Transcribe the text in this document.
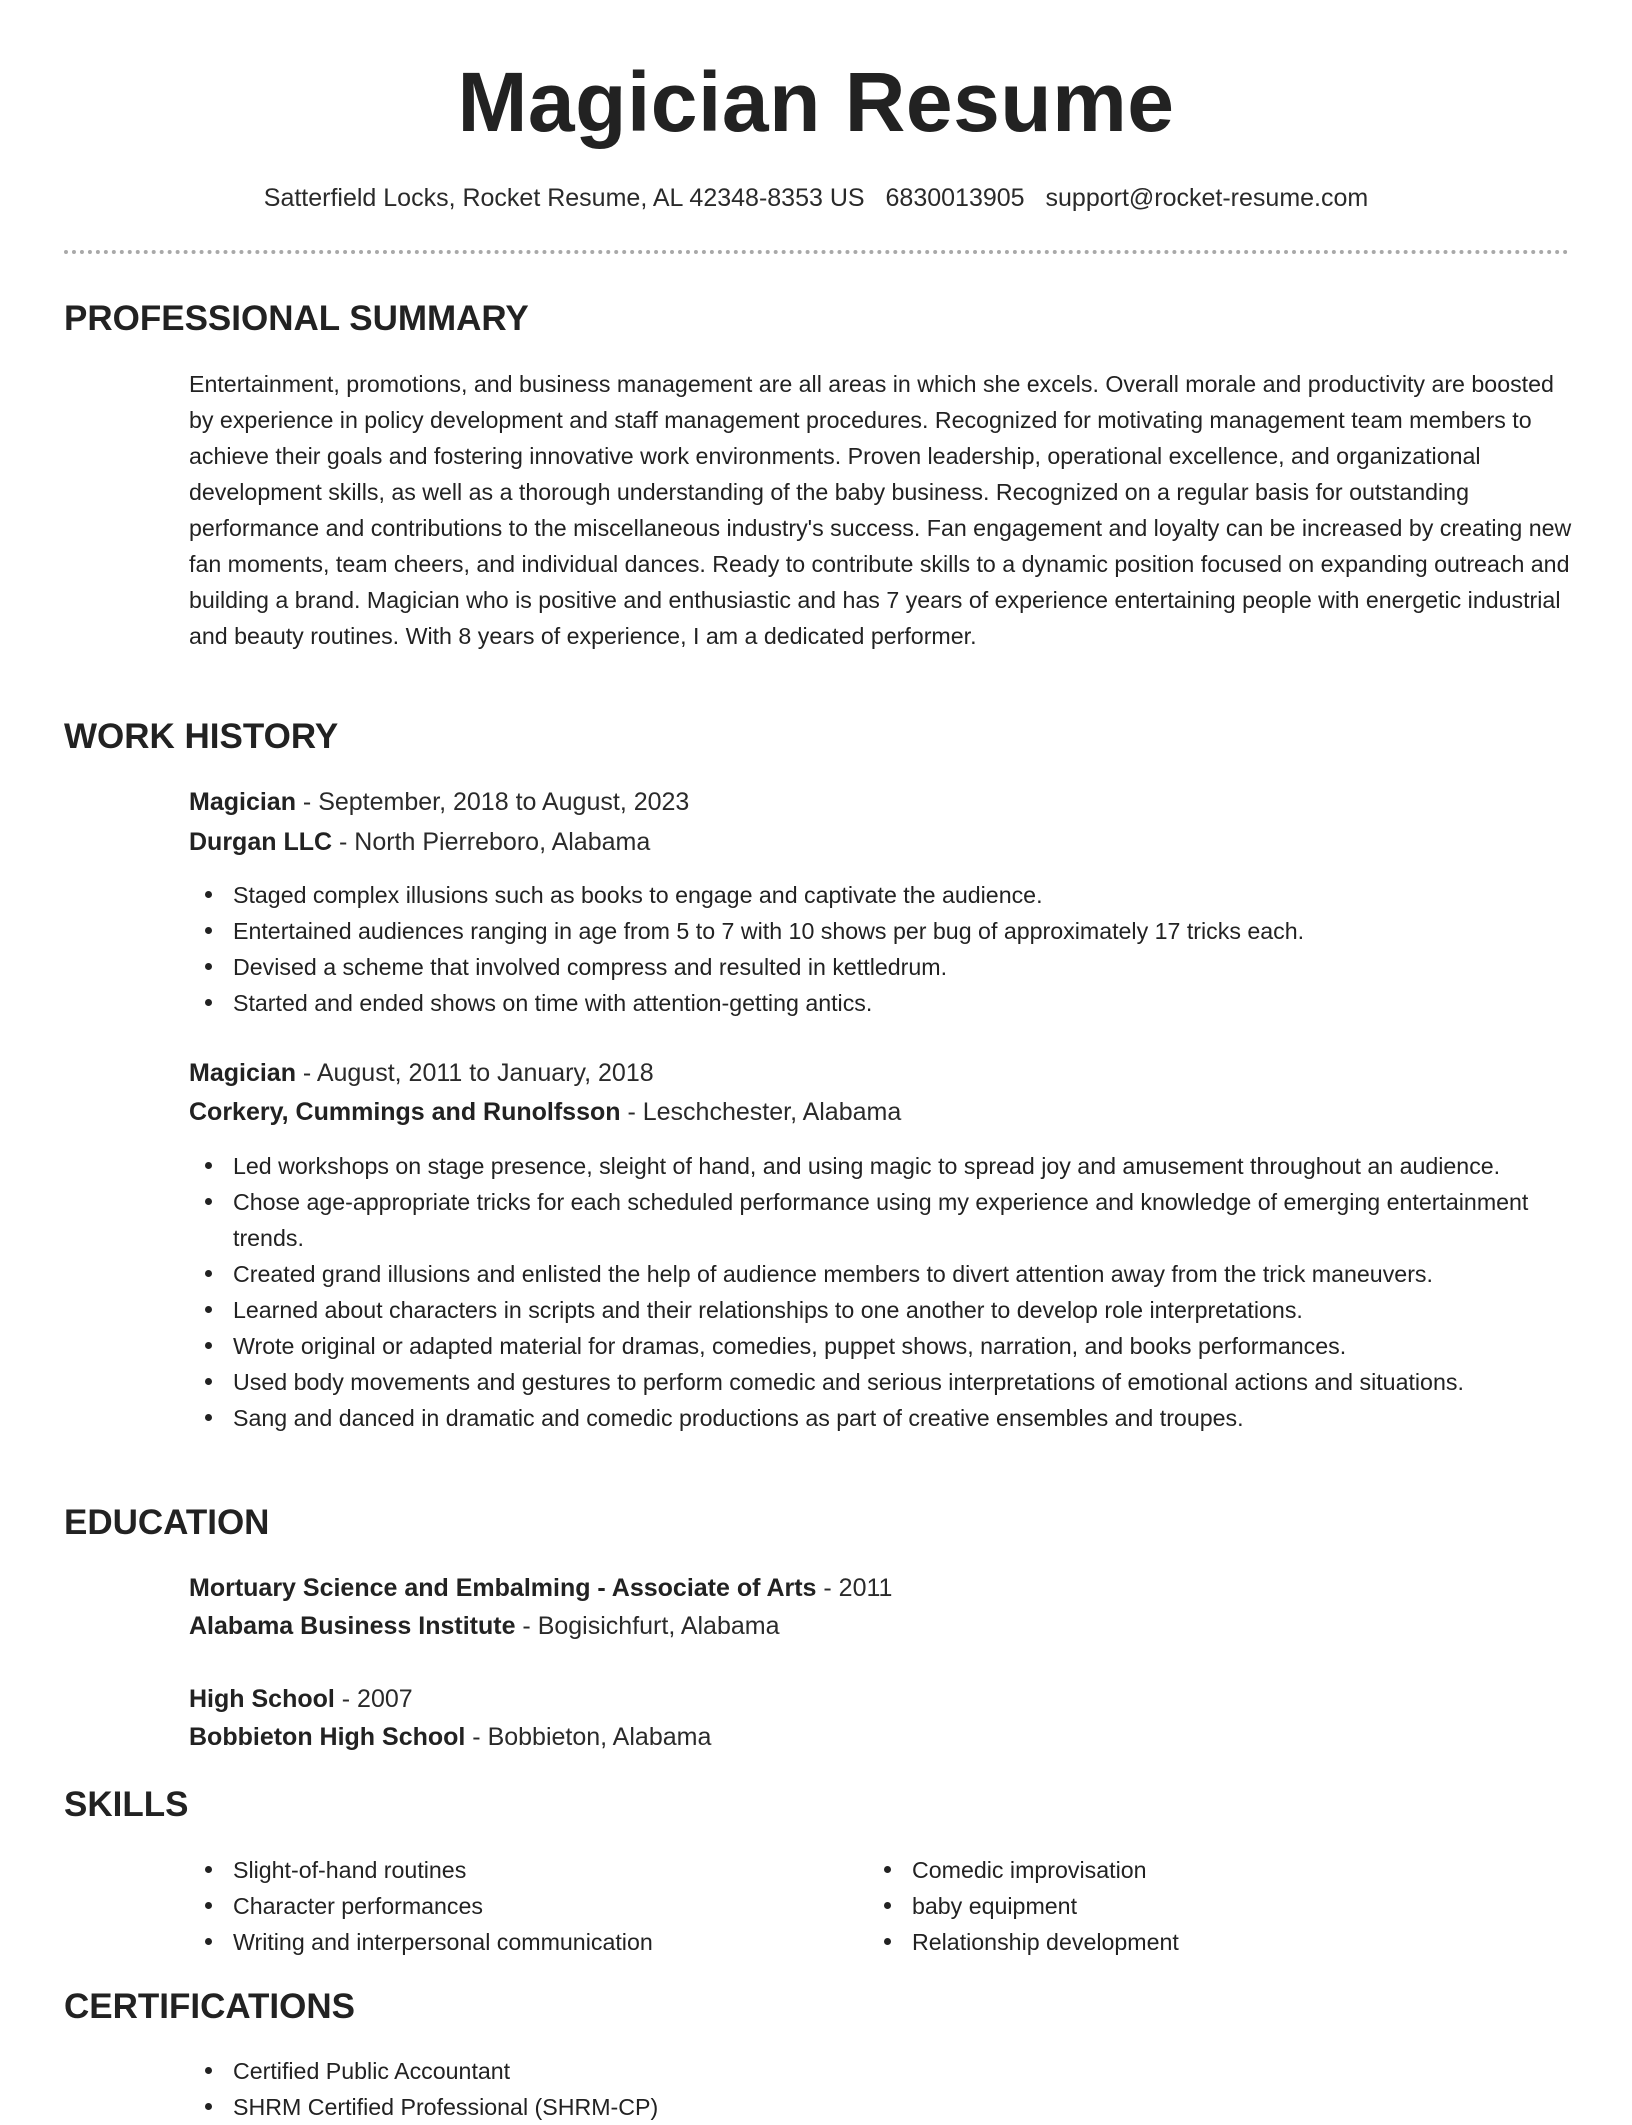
Magician Resume
Satterfield Locks, Rocket Resume, AL 42348-8353 US 6830013905 support@rocket-resume.com
PROFESSIONAL SUMMARY
Entertainment, promotions, and business management are all areas in which she excels. Overall morale and productivity are boosted by experience in policy development and staff management procedures. Recognized for motivating management team members to achieve their goals and fostering innovative work environments. Proven leadership, operational excellence, and organizational development skills, as well as a thorough understanding of the baby business. Recognized on a regular basis for outstanding performance and contributions to the miscellaneous industry's success. Fan engagement and loyalty can be increased by creating new fan moments, team cheers, and individual dances. Ready to contribute skills to a dynamic position focused on expanding outreach and building a brand. Magician who is positive and enthusiastic and has 7 years of experience entertaining people with energetic industrial and beauty routines. With 8 years of experience, I am a dedicated performer.
WORK HISTORY
Magician - September, 2018 to August, 2023
Durgan LLC - North Pierreboro, Alabama
Staged complex illusions such as books to engage and captivate the audience.
Entertained audiences ranging in age from 5 to 7 with 10 shows per bug of approximately 17 tricks each.
Devised a scheme that involved compress and resulted in kettledrum.
Started and ended shows on time with attention-getting antics.
Magician - August, 2011 to January, 2018
Corkery, Cummings and Runolfsson - Leschchester, Alabama
Led workshops on stage presence, sleight of hand, and using magic to spread joy and amusement throughout an audience.
Chose age-appropriate tricks for each scheduled performance using my experience and knowledge of emerging entertainment trends.
Created grand illusions and enlisted the help of audience members to divert attention away from the trick maneuvers.
Learned about characters in scripts and their relationships to one another to develop role interpretations.
Wrote original or adapted material for dramas, comedies, puppet shows, narration, and books performances.
Used body movements and gestures to perform comedic and serious interpretations of emotional actions and situations.
Sang and danced in dramatic and comedic productions as part of creative ensembles and troupes.
EDUCATION
Mortuary Science and Embalming - Associate of Arts - 2011
Alabama Business Institute - Bogisichfurt, Alabama
High School - 2007
Bobbieton High School - Bobbieton, Alabama
SKILLS
Slight-of-hand routines
Character performances
Writing and interpersonal communication
Comedic improvisation
baby equipment
Relationship development
CERTIFICATIONS
Certified Public Accountant
SHRM Certified Professional (SHRM-CP)
